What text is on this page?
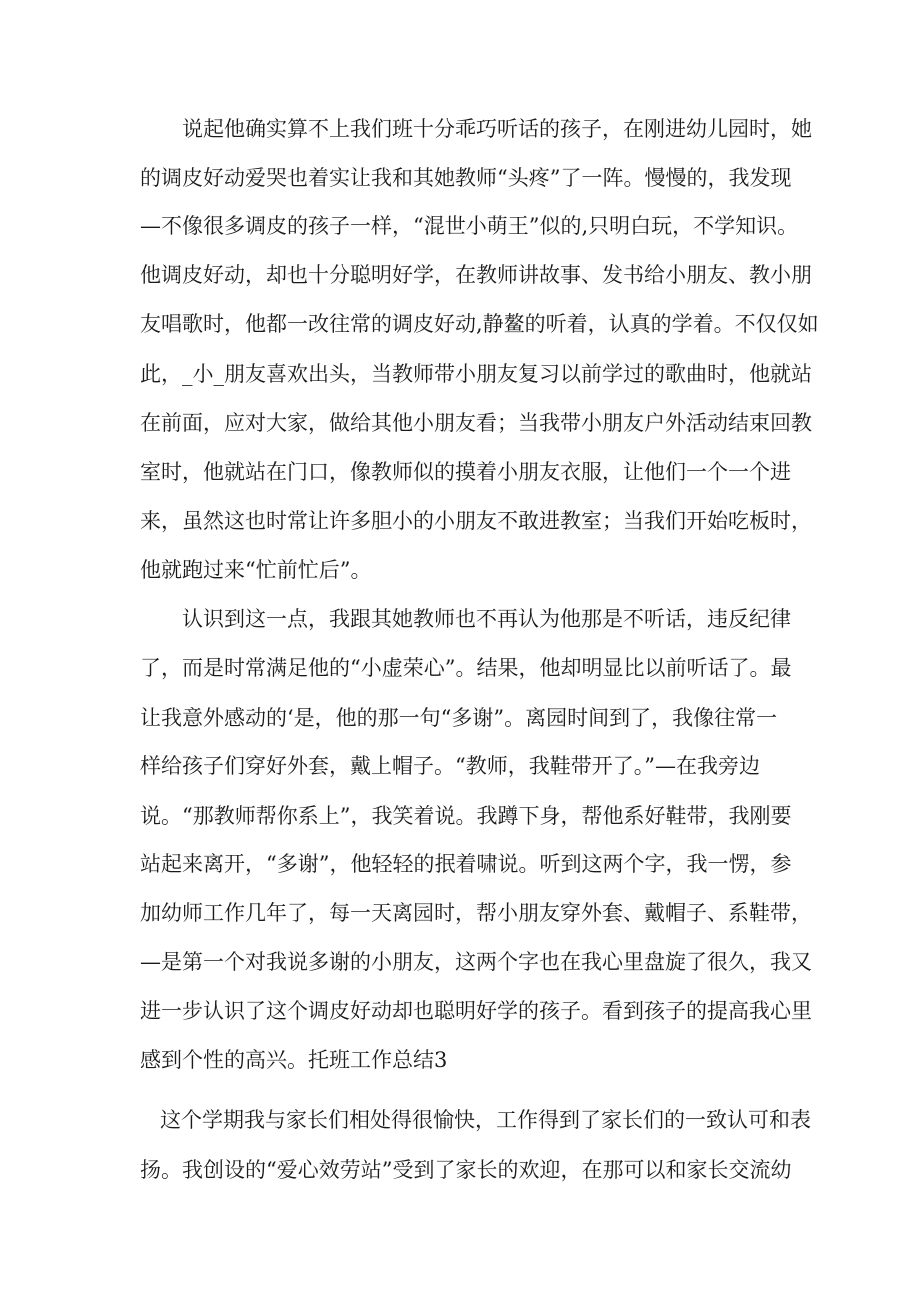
说起他确实算不上我们班十分乖巧听话的孩子，在刚进幼儿园时，她
的调皮好动爱哭也着实让我和其她教师“头疼”了一阵。慢慢的，我发现
—不像很多调皮的孩子一样，“混世小萌王”似的,只明白玩，不学知识。
他调皮好动，却也十分聪明好学，在教师讲故事、发书给小朋友、教小朋
友唱歌时，他都一改往常的调皮好动,静鳌的听着，认真的学着。不仅仅如
此，_小_朋友喜欢出头，当教师带小朋友复习以前学过的歌曲时，他就站
在前面，应对大家，做给其他小朋友看；当我带小朋友户外活动结束回教
室时，他就站在门口，像教师似的摸着小朋友衣服，让他们一个一个进
来，虽然这也时常让许多胆小的小朋友不敢进教室；当我们开始吃板时，
他就跑过来“忙前忙后”。
认识到这一点，我跟其她教师也不再认为他那是不听话，违反纪律
了，而是时常满足他的“小虚荣心”。结果，他却明显比以前听话了。最
让我意外感动的‘是，他的那一句“多谢”。离园时间到了，我像往常一
样给孩子们穿好外套，戴上帽子。“教师，我鞋带开了。”—在我旁边
说。“那教师帮你系上”，我笑着说。我蹲下身，帮他系好鞋带，我刚要
站起来离开，“多谢”，他轻轻的抿着啸说。听到这两个字，我一愣，参
加幼师工作几年了，每一天离园时，帮小朋友穿外套、戴帽子、系鞋带，
—是第一个对我说多谢的小朋友，这两个字也在我心里盘旋了很久，我又
进一步认识了这个调皮好动却也聪明好学的孩子。看到孩子的提高我心里
感到个性的高兴。托班工作总结3
这个学期我与家长们相处得很愉快，工作得到了家长们的一致认可和表
扬。我创设的“爱心效劳站”受到了家长的欢迎，在那可以和家长交流幼
